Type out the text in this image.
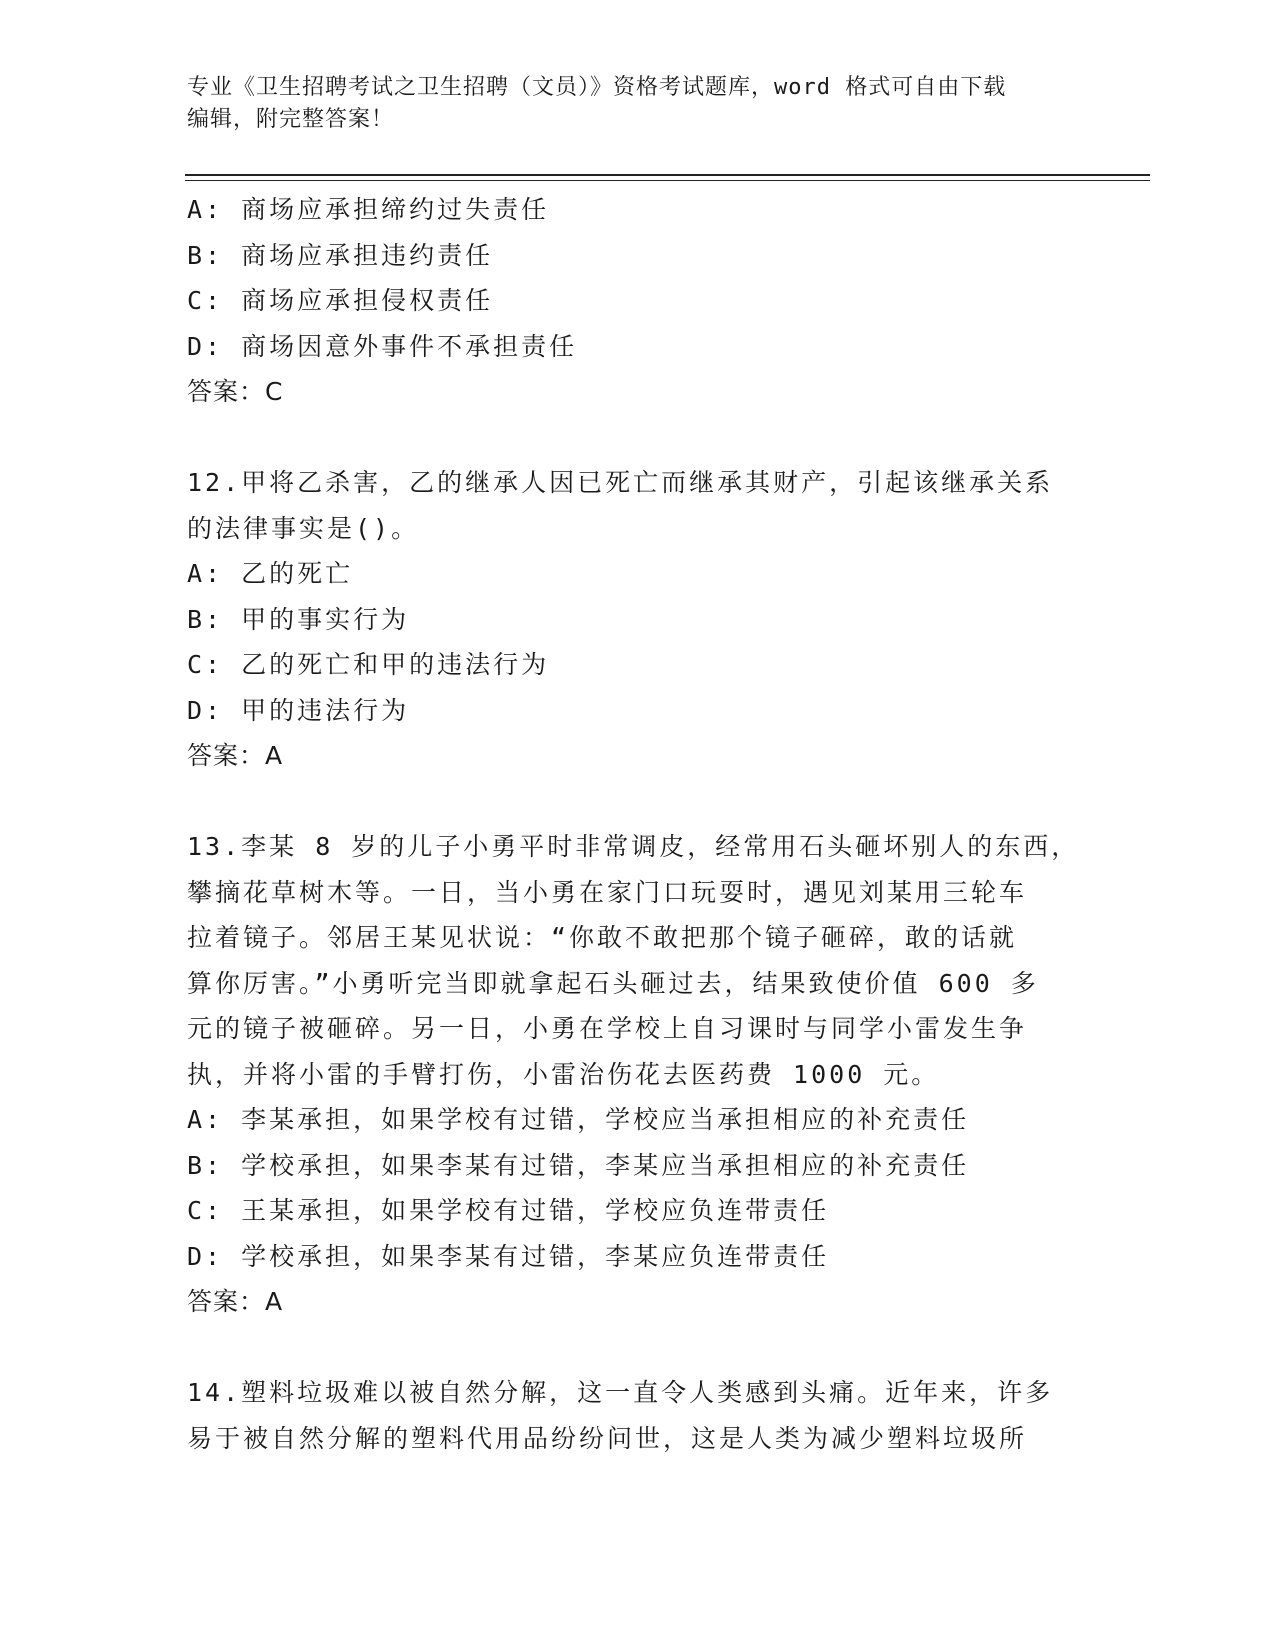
专业《卫生招聘考试之卫生招聘（文员）》资格考试题库，word 格式可自由下载
编辑，附完整答案！
A: 商场应承担缔约过失责任
B: 商场应承担违约责任
C: 商场应承担侵权责任
D: 商场因意外事件不承担责任
答案：C
12.甲将乙杀害，乙的继承人因已死亡而继承其财产，引起该继承关系
的法律事实是()。
A: 乙的死亡
B: 甲的事实行为
C: 乙的死亡和甲的违法行为
D: 甲的违法行为
答案：A
13.李某 8 岁的儿子小勇平时非常调皮，经常用石头砸坏别人的东西，
攀摘花草树木等。一日，当小勇在家门口玩耍时，遇见刘某用三轮车
拉着镜子。邻居王某见状说：“你敢不敢把那个镜子砸碎，敢的话就
算你厉害。”小勇听完当即就拿起石头砸过去，结果致使价值 600 多
元的镜子被砸碎。另一日，小勇在学校上自习课时与同学小雷发生争
执，并将小雷的手臂打伤，小雷治伤花去医药费 1000 元。
A: 李某承担，如果学校有过错，学校应当承担相应的补充责任
B: 学校承担，如果李某有过错，李某应当承担相应的补充责任
C: 王某承担，如果学校有过错，学校应负连带责任
D: 学校承担，如果李某有过错，李某应负连带责任
答案：A
14.塑料垃圾难以被自然分解，这一直令人类感到头痛。近年来，许多
易于被自然分解的塑料代用品纷纷问世，这是人类为减少塑料垃圾所
